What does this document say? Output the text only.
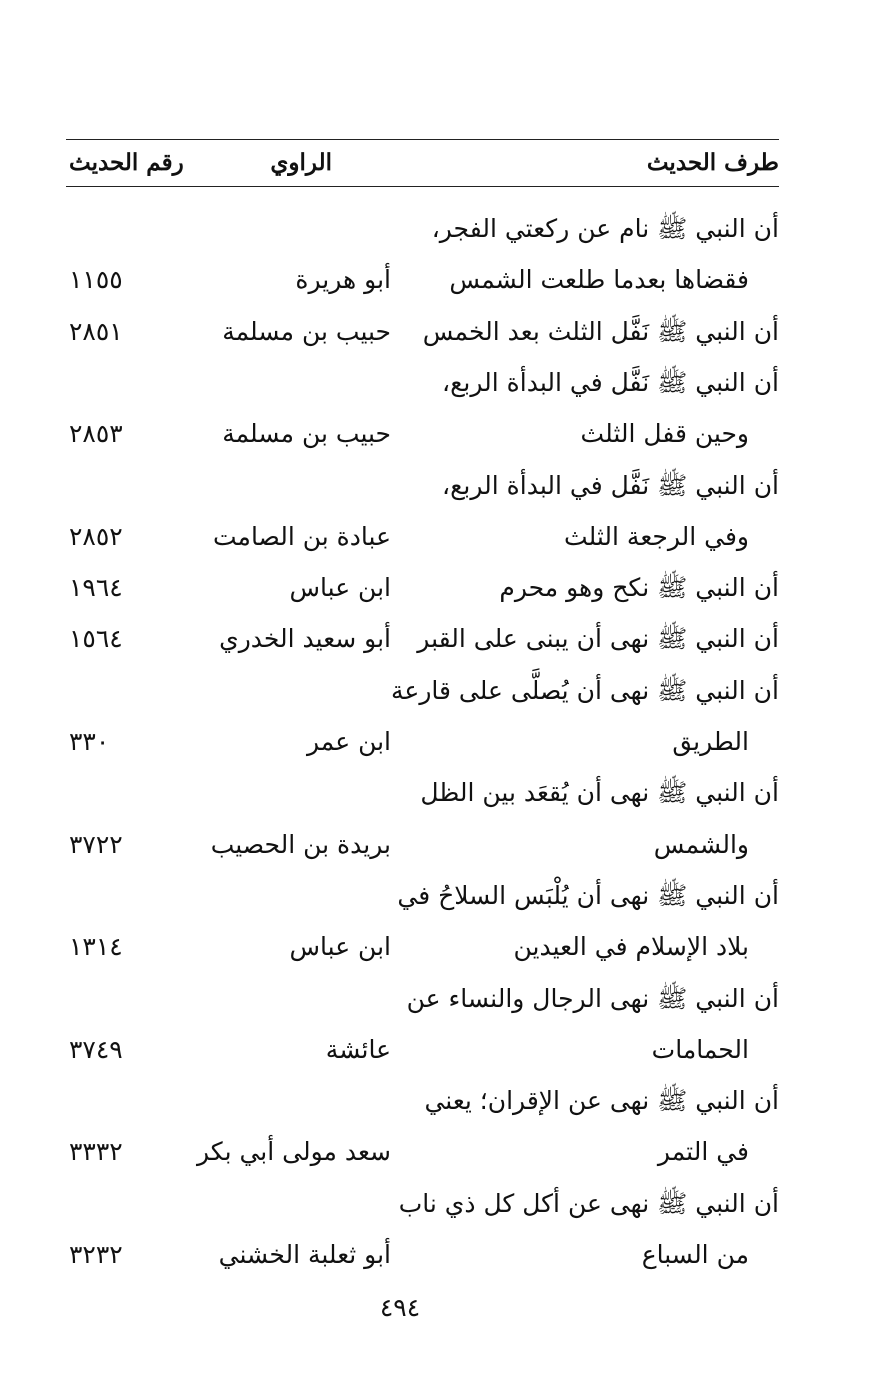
طرف الحديث
الراوي
رقم الحديث
أن النبي ﷺ نام عن ركعتي الفجر،
فقضاها بعدما طلعت الشمس
أبو هريرة
١١٥٥
أن النبي ﷺ نَفَّل الثلث بعد الخمس
حبيب بن مسلمة
٢٨٥١
أن النبي ﷺ نَفَّل في البدأة الربع،
وحين قفل الثلث
حبيب بن مسلمة
٢٨٥٣
أن النبي ﷺ نَفَّل في البدأة الربع،
وفي الرجعة الثلث
عبادة بن الصامت
٢٨٥٢
أن النبي ﷺ نكح وهو محرم
ابن عباس
١٩٦٤
أن النبي ﷺ نهى أن يبنى على القبر
أبو سعيد الخدري
١٥٦٤
أن النبي ﷺ نهى أن يُصلَّى على قارعة
الطريق
ابن عمر
٣٣٠
أن النبي ﷺ نهى أن يُقعَد بين الظل
والشمس
بريدة بن الحصيب
٣٧٢٢
أن النبي ﷺ نهى أن يُلْبَس السلاحُ في
بلاد الإسلام في العيدين
ابن عباس
١٣١٤
أن النبي ﷺ نهى الرجال والنساء عن
الحمامات
عائشة
٣٧٤٩
أن النبي ﷺ نهى عن الإقران؛ يعني
في التمر
سعد مولى أبي بكر
٣٣٣٢
أن النبي ﷺ نهى عن أكل كل ذي ناب
من السباع
أبو ثعلبة الخشني
٣٢٣٢
٤٩٤
